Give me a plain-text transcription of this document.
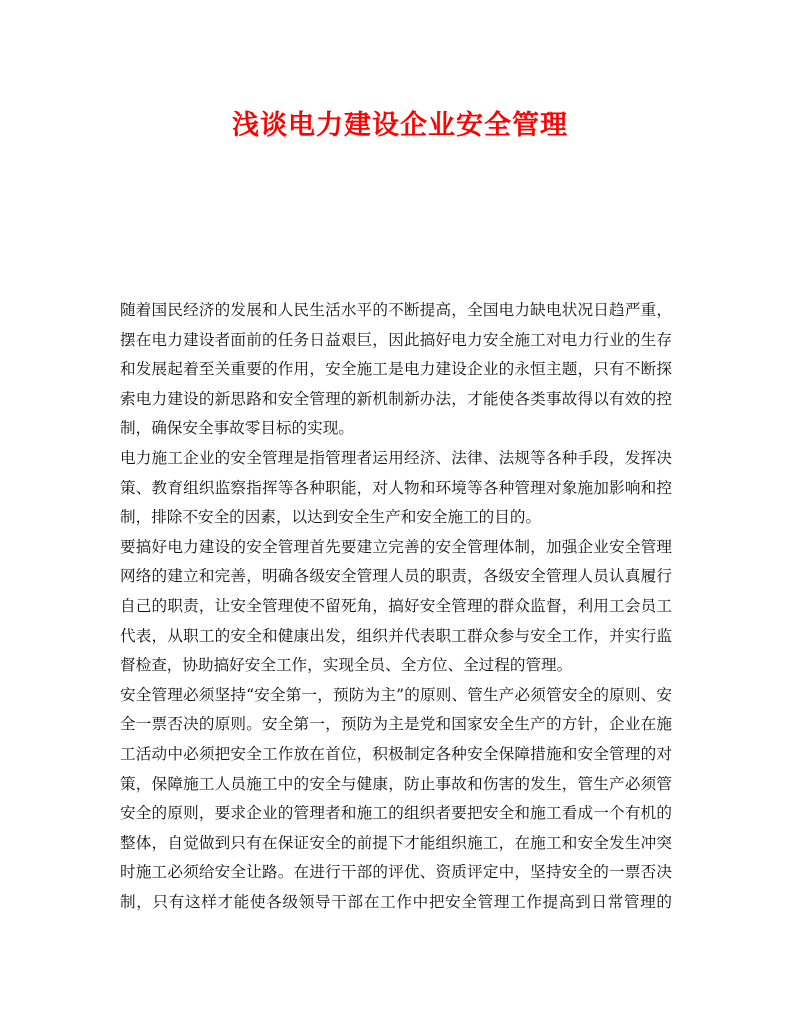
浅谈电力建设企业安全管理

随着国民经济的发展和人民生活水平的不断提高，全国电力缺电状况日趋严重，摆在电力建设者面前的任务日益艰巨，因此搞好电力安全施工对电力行业的生存和发展起着至关重要的作用，安全施工是电力建设企业的永恒主题，只有不断探索电力建设的新思路和安全管理的新机制新办法，才能使各类事故得以有效的控制，确保安全事故零目标的实现。

电力施工企业的安全管理是指管理者运用经济、法律、法规等各种手段，发挥决策、教育组织监察指挥等各种职能，对人物和环境等各种管理对象施加影响和控制，排除不安全的因素，以达到安全生产和安全施工的目的。

要搞好电力建设的安全管理首先要建立完善的安全管理体制，加强企业安全管理网络的建立和完善，明确各级安全管理人员的职责，各级安全管理人员认真履行自己的职责，让安全管理使不留死角，搞好安全管理的群众监督，利用工会员工代表，从职工的安全和健康出发，组织并代表职工群众参与安全工作，并实行监督检查，协助搞好安全工作，实现全员、全方位、全过程的管理。

安全管理必须坚持“安全第一，预防为主”的原则、管生产必须管安全的原则、安全一票否决的原则。安全第一，预防为主是党和国家安全生产的方针，企业在施工活动中必须把安全工作放在首位，积极制定各种安全保障措施和安全管理的对策，保障施工人员施工中的安全与健康，防止事故和伤害的发生，管生产必须管安全的原则，要求企业的管理者和施工的组织者要把安全和施工看成一个有机的整体，自觉做到只有在保证安全的前提下才能组织施工，在施工和安全发生冲突时施工必须给安全让路。在进行干部的评优、资质评定中，坚持安全的一票否决制，只有这样才能使各级领导干部在工作中把安全管理工作提高到日常管理的
